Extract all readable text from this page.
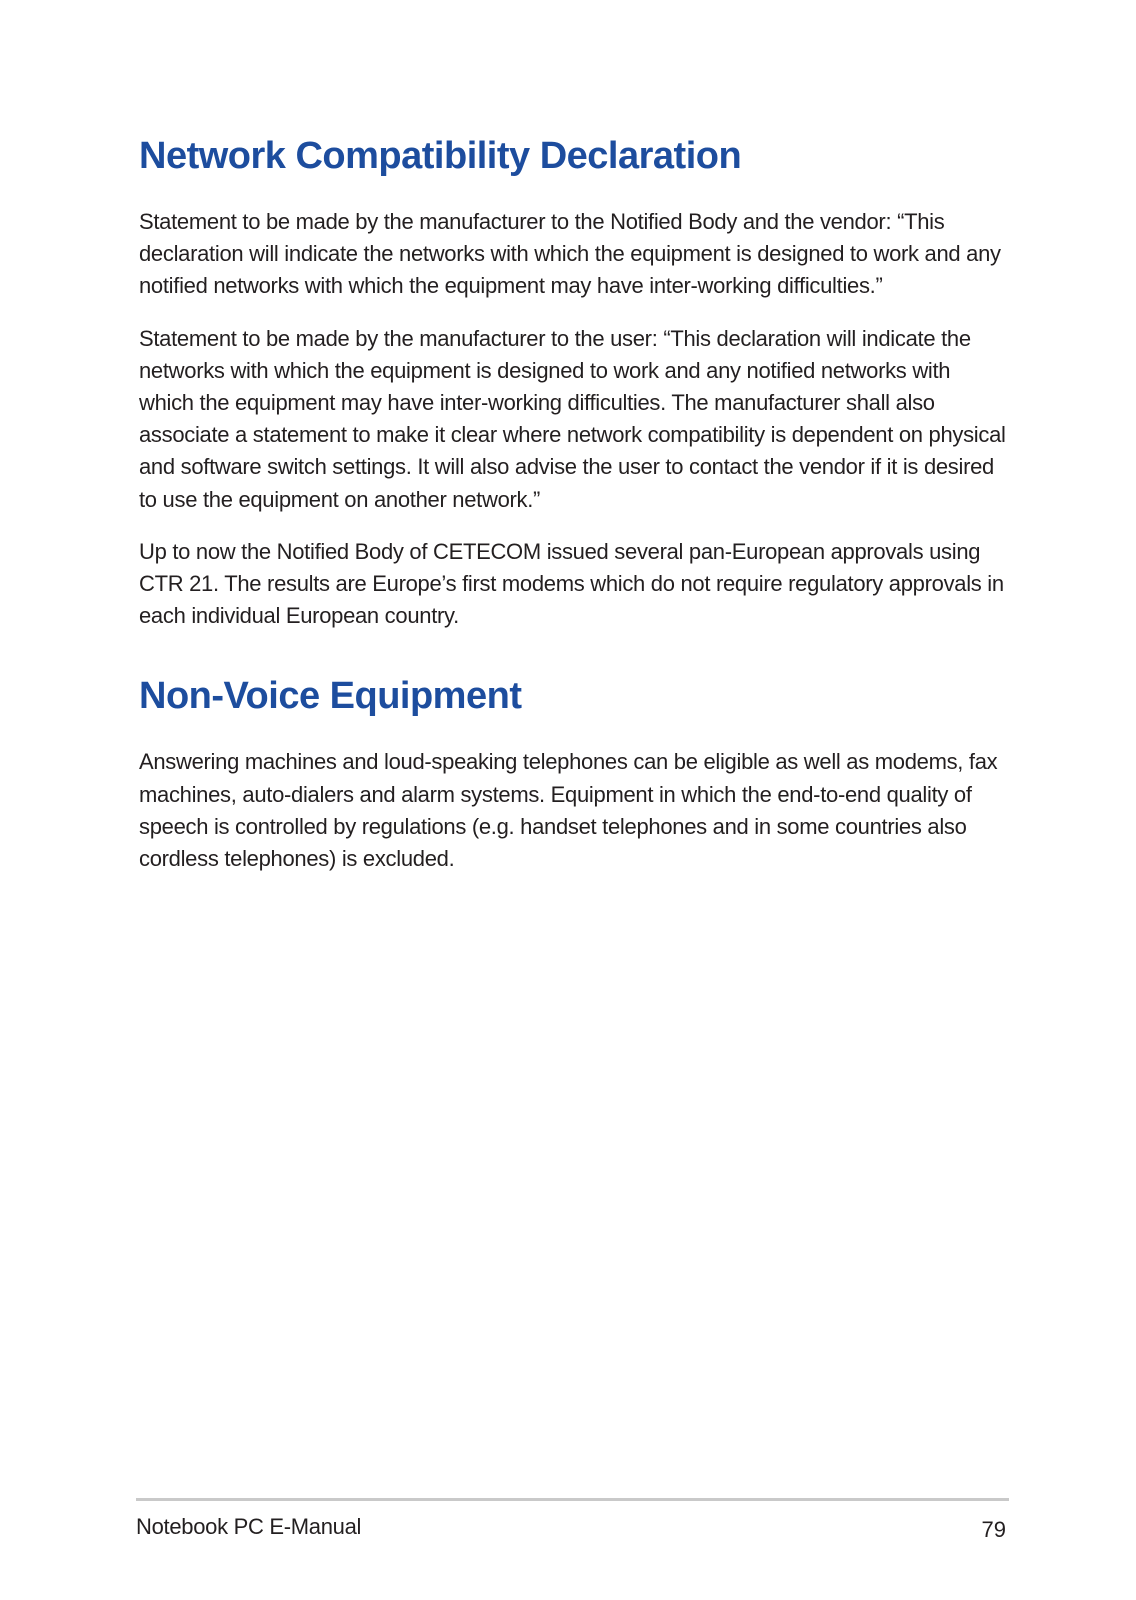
Network Compatibility Declaration

Statement to be made by the manufacturer to the Notified Body and the vendor: “This declaration will indicate the networks with which the equipment is designed to work and any notified networks with which the equipment may have inter-working difficulties.”

Statement to be made by the manufacturer to the user: “This declaration will indicate the networks with which the equipment is designed to work and any notified networks with which the equipment may have inter-working difficulties. The manufacturer shall also associate a statement to make it clear where network compatibility is dependent on physical and software switch settings. It will also advise the user to contact the vendor if it is desired to use the equipment on another network.”

Up to now the Notified Body of CETECOM issued several pan-European approvals using CTR 21. The results are Europe’s first modems which do not require regulatory approvals in each individual European country.

Non-Voice Equipment

Answering machines and loud-speaking telephones can be eligible as well as modems, fax machines, auto-dialers and alarm systems. Equipment in which the end-to-end quality of speech is controlled by regulations (e.g. handset telephones and in some countries also cordless telephones) is excluded.

Notebook PC E-Manual	79
